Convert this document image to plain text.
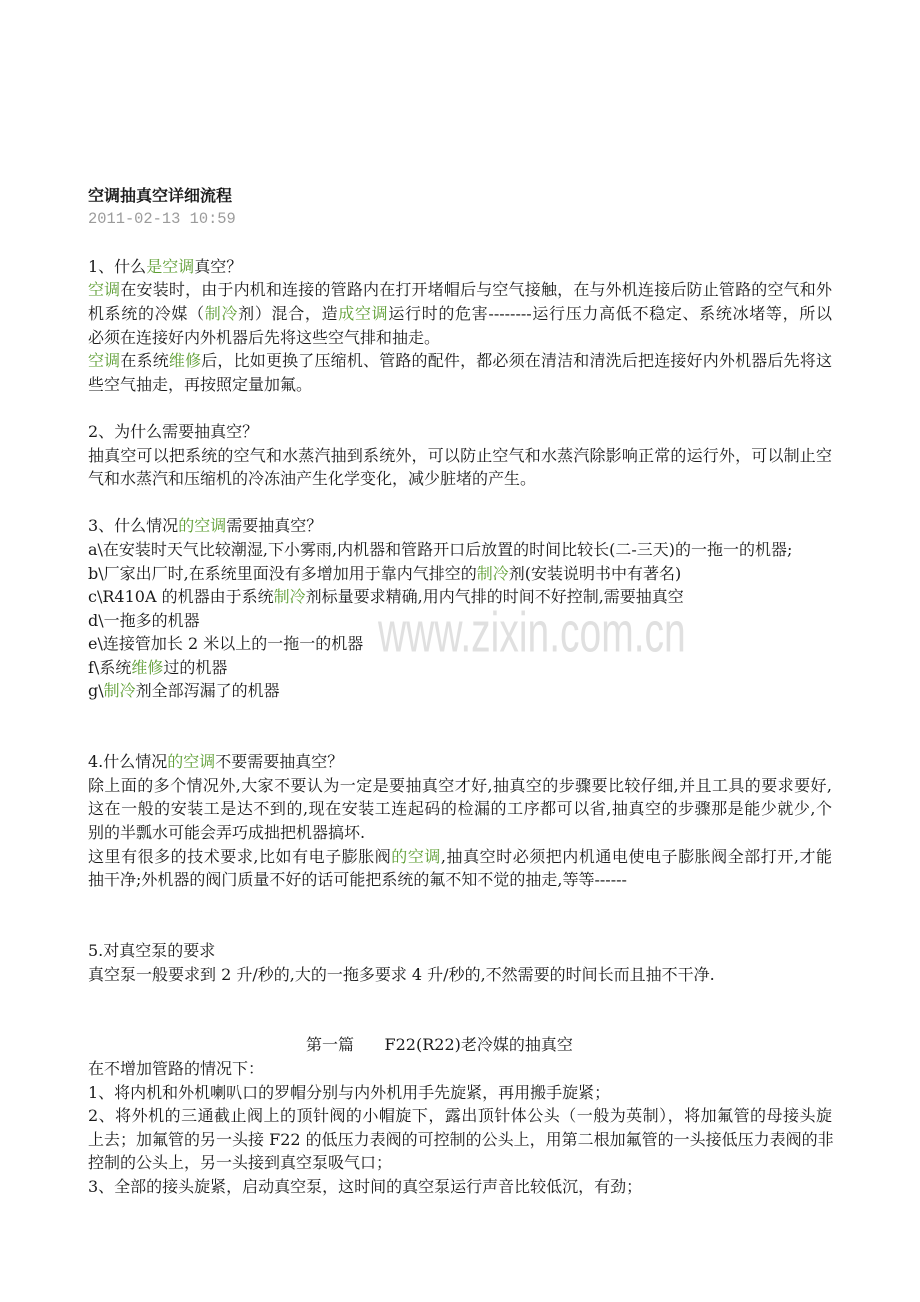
www.zixin.com.cn
空调抽真空详细流程
2011-02-13 10:59
1、什么是空调真空？
空调在安装时，由于内机和连接的管路内在打开堵帽后与空气接触，在与外机连接后防止管路的空气和外
机系统的冷媒（制冷剂）混合，造成空调运行时的危害--------运行压力高低不稳定、系统冰堵等，所以
必须在连接好内外机器后先将这些空气排和抽走。
空调在系统维修后，比如更换了压缩机、管路的配件，都必须在清洁和清洗后把连接好内外机器后先将这
些空气抽走，再按照定量加氟。
2、为什么需要抽真空？
抽真空可以把系统的空气和水蒸汽抽到系统外，可以防止空气和水蒸汽除影响正常的运行外，可以制止空
气和水蒸汽和压缩机的冷冻油产生化学变化，减少脏堵的产生。
3、什么情况的空调需要抽真空？
a\在安装时天气比较潮湿,下小雾雨,内机器和管路开口后放置的时间比较长(二-三天)的一拖一的机器;
b\厂家出厂时,在系统里面没有多增加用于靠内气排空的制冷剂(安装说明书中有著名)
c\R410A 的机器由于系统制冷剂标量要求精确,用内气排的时间不好控制,需要抽真空
d\一拖多的机器
e\连接管加长 2 米以上的一拖一的机器
f\系统维修过的机器
g\制冷剂全部泻漏了的机器
4.什么情况的空调不要需要抽真空？
除上面的多个情况外,大家不要认为一定是要抽真空才好,抽真空的步骤要比较仔细,并且工具的要求要好,
这在一般的安装工是达不到的,现在安装工连起码的检漏的工序都可以省,抽真空的步骤那是能少就少,个
别的半瓢水可能会弄巧成拙把机器搞坏.
这里有很多的技术要求,比如有电子膨胀阀的空调,抽真空时必须把内机通电使电子膨胀阀全部打开,才能
抽干净;外机器的阀门质量不好的话可能把系统的氟不知不觉的抽走,等等------
5.对真空泵的要求
真空泵一般要求到 2 升/秒的,大的一拖多要求 4 升/秒的,不然需要的时间长而且抽不干净.
第一篇      F22(R22)老冷媒的抽真空
在不增加管路的情况下：
1、将内机和外机喇叭口的罗帽分别与内外机用手先旋紧，再用搬手旋紧；
2、将外机的三通截止阀上的顶针阀的小帽旋下，露出顶针体公头（一般为英制），将加氟管的母接头旋
上去；加氟管的另一头接 F22 的低压力表阀的可控制的公头上，用第二根加氟管的一头接低压力表阀的非
控制的公头上，另一头接到真空泵吸气口；
3、全部的接头旋紧，启动真空泵，这时间的真空泵运行声音比较低沉，有劲；
